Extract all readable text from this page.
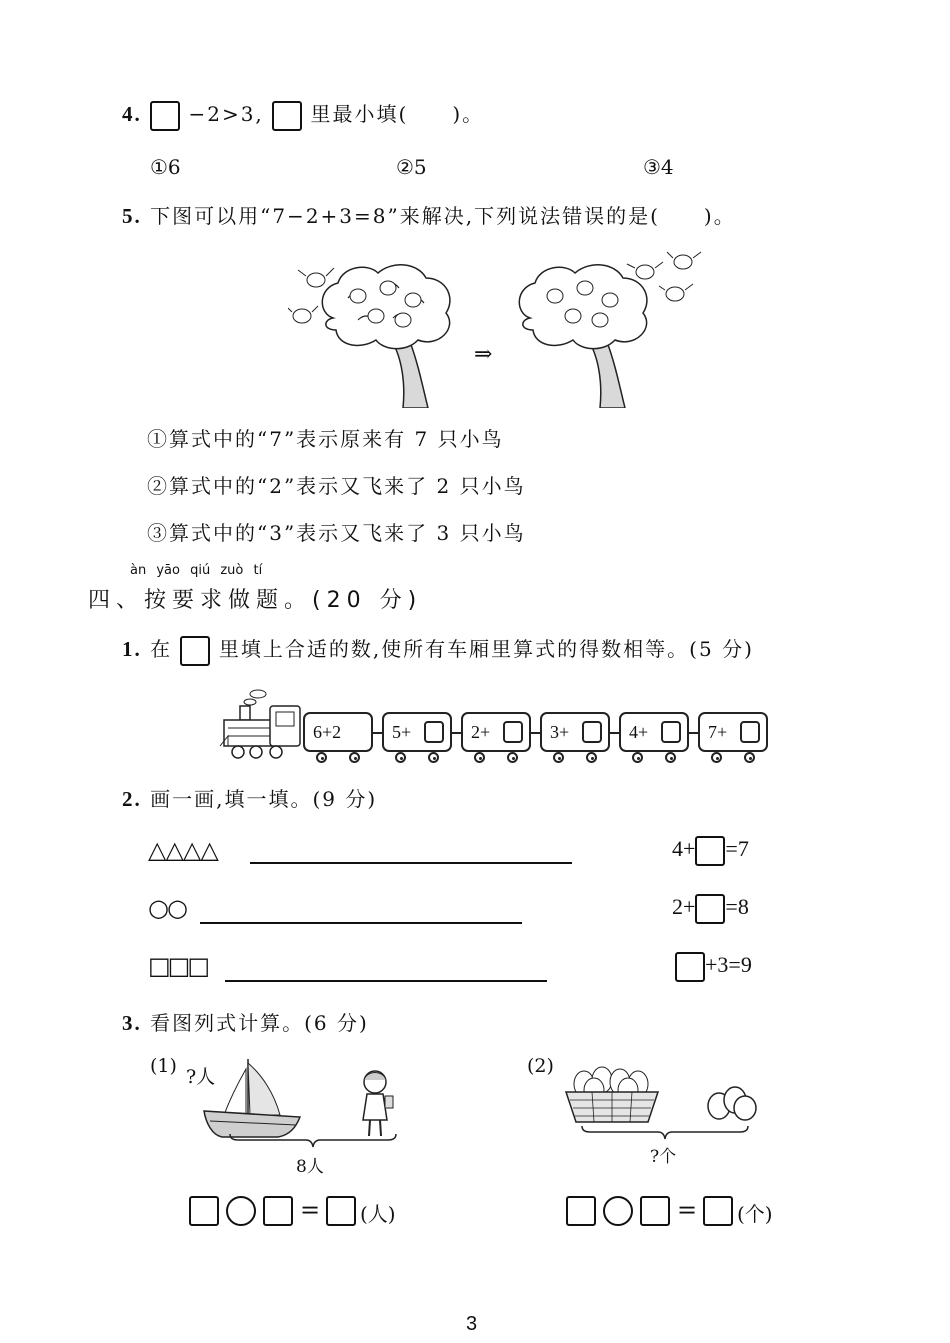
4. −2>3, 里最小填(　　)。
①6	②5	③4
5. 下图可以用“7−2+3=8”来解决,下列说法错误的是(　　)。
⇒
①算式中的“7”表示原来有 7 只小鸟
②算式中的“2”表示又飞来了 2 只小鸟
③算式中的“3”表示又飞来了 3 只小鸟
àn yāo qiú zuò tí
四、按要求做题。(20 分)
1. 在 里填上合适的数,使所有车厢里算式的得数相等。(5 分)
6+2	5+	2+	3+	4+	7+
2. 画一画,填一填。(9 分)
△△△△	4+ =7
○○	2+ =8
□□□	+3=9
3. 看图列式计算。(6 分)
(1) ?人
8人
(2)
?个
= (人)	= (个)
3
